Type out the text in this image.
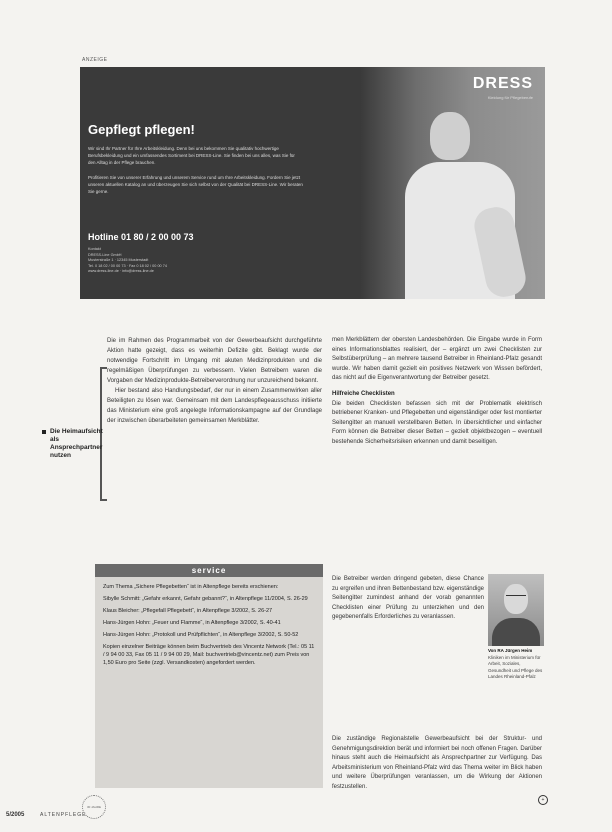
ANZEIGE
DRESS
Kleidung für Pflegeberufe
Gepflegt pflegen!
Wir sind Ihr Partner für Ihre Arbeitskleidung. Denn bei uns bekommen Sie qualitativ hochwertige Berufsbekleidung und ein umfassendes Sortiment bei DRESS-Line. Sie finden bei uns alles, was Sie für den Alltag in der Pflege brauchen.
Profitieren Sie von unserer Erfahrung und unserem Service rund um Ihre Arbeitskleidung. Fordern Sie jetzt unseren aktuellen Katalog an und überzeugen Sie sich selbst von der Qualität bei DRESS-Line. Wir beraten Sie gerne.
Hotline 01 80 / 2 00 00 73
Kontakt
DRESS-Line GmbH
Musterstraße 1 · 12345 Musterstadt
Tel. 0 18 02 / 00 00 73 · Fax 0 18 02 / 00 00 74
www.dress-line.de · info@dress-line.de
Die Heimaufsicht als Ansprechpartner nutzen

Die im Rahmen des Programmarbeit von der Gewerbeaufsicht durchgeführte Aktion hatte gezeigt, dass es weiterhin Defizite gibt. Beklagt wurde der notwendige Fortschritt im Umgang mit akuten Medizinprodukten und die regelmäßigen Überprüfungen zu verbessern. Vielen Betreibern waren die Vorgaben der Medizinprodukte-Betreiberverordnung nur unzureichend bekannt.

Hier bestand also Handlungsbedarf, der nur in einem Zusammenwirken aller Beteiligten zu lösen war. Gemeinsam mit dem Landespflegeausschuss initiierte das Ministerium eine groß angelegte Informationskampagne auf der Grundlage der inzwischen überarbeiteten gemeinsamen Merkblätter.

service
Zum Thema „Sichere Pflegebetten“ ist in Altenpflege bereits erschienen:
Sibylle Schmitt: „Gefahr erkannt, Gefahr gebannt?“, in Altenpflege 11/2004, S. 26-29
Klaus Bleicher: „Pflegefall Pflegebett“, in Altenpflege 3/2002, S. 26-27
Hans-Jürgen Hohn: „Feuer und Flamme“, in Altenpflege 3/2002, S. 40-41
Hans-Jürgen Hohn: „Protokoll und Prüfpflichten“, in Altenpflege 3/2002, S. 50-52
Kopien einzelner Beiträge können beim Buchvertrieb des Vincentz Network (Tel.: 05 11 / 9 94 00 33, Fax 05 11 / 9 94 00 29, Mail: buchvertrieb@vincentz.net) zum Preis von 1,50 Euro pro Seite (zzgl. Versandkosten) angefordert werden.

men Merkblättern der obersten Landesbehörden. Die Eingabe wurde in Form eines Informationsblattes realisiert, der – ergänzt um zwei Checklisten zur Selbstüberprüfung – an mehrere tausend Betreiber in Rheinland-Pfalz gesandt wurde. Wir haben damit gezielt ein positives Netzwerk von Wissen befördert, das nicht auf die Eigenverantwortung der Betreiber gesetzt.

Hilfreiche Checklisten

Die beiden Checklisten befassen sich mit der Problematik elektrisch betriebener Kranken- und Pflegebetten und eigenständiger oder fest montierter Seitengitter an manuell verstellbaren Betten. In übersichtlicher und einfacher Form können die Betreiber dieser Betten – gezielt objektbezogen – eventuell bestehende Sicherheitsrisiken erkennen und damit beseitigen.

Die Betreiber werden dringend gebeten, diese Chance zu ergreifen und ihren Bettenbestand bzw. eigenständige Seitengitter zumindest anhand der vorab genannten Checklisten einer Prüfung zu unterziehen und den gegebenenfalls Erforderliches zu veranlassen.

Die zuständige Regionalstelle Gewerbeaufsicht bei der Struktur- und Genehmigungsdirektion berät und informiert bei noch offenen Fragen. Darüber hinaus steht auch die Heimaufsicht als Ansprechpartner zur Verfügung. Das Arbeitsministerium von Rheinland-Pfalz wird das Thema weiter im Blick haben und weitere Überprüfungen veranlassen, um die Wirkung der Aktionen festzustellen.

Von RA Jürgen Heim
Kliniken im Ministerium für Arbeit, Soziales, Gesundheit und Pflege des Landes Rheinland-Pfalz
+
5/2005	ALTENPFLEGE
30 JAHRE
